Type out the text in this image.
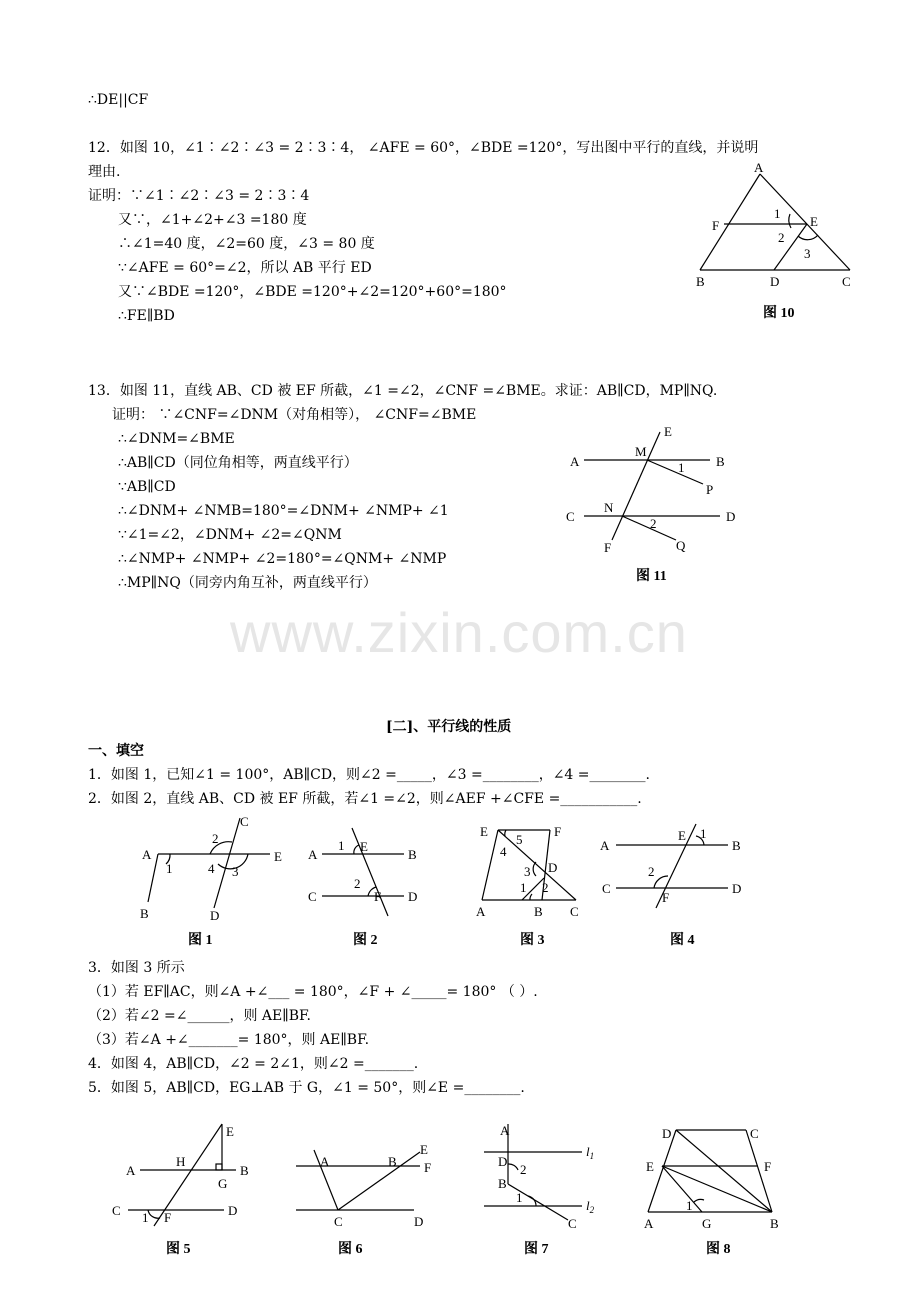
www.zixin.com.cn
∴DE||CF
12．如图 10，∠1∶∠2∶∠3 = 2∶3∶4， ∠AFE = 60°，∠BDE =120°，写出图中平行的直线，并说明
理由.
证明：∵∠1∶∠2∶∠3 = 2∶3∶4
又∵，∠1+∠2+∠3 =180 度
∴∠1=40 度，∠2=60 度，∠3 = 80 度
∵∠AFE = 60°=∠2，所以 AB 平行 ED
又∵∠BDE =120°，∠BDE =120°+∠2=120°+60°=180°
∴FE∥BD
A
F	E
B	D	C
1
2
3
图 10
13．如图 11，直线 AB、CD 被 EF 所截，∠1 =∠2，∠CNF =∠BME。求证：AB∥CD，MP∥NQ.
证明： ∵∠CNF=∠DNM（对角相等）， ∠CNF=∠BME
∴∠DNM=∠BME
∴AB∥CD（同位角相等，两直线平行）
∵AB∥CD
∴∠DNM+ ∠NMB=180°=∠DNM+ ∠NMP+ ∠1
∵∠1=∠2，∠DNM+ ∠2=∠QNM
∴∠NMP+ ∠NMP+ ∠2=180°=∠QNM+ ∠NMP
∴MP∥NQ（同旁内角互补，两直线平行）
E
A
M
1 B
P
C
N
2	D
F	Q
图 11
[二]、平行线的性质
一、填空
1．如图 1，已知∠1 = 100°，AB∥CD，则∠2 =_____，∠3 =________，∠4 =________.
2．如图 2，直线 AB、CD 被 EF 所截，若∠1 =∠2，则∠AEF +∠CFE =___________.
A	E
C
B	D
1
2
3
4
图 1
A	B
C	D
E
F
1
2
图 2
E	F
A	B C
D
1 2
3
4
5
图 3
A	B
C	D
E
F
1
2
图 4
3．如图 3 所示
（1）若 EF∥AC，则∠A +∠___ = 180°，∠F + ∠_____= 180° （ ）.
（2）若∠2 =∠______，则 AE∥BF.
（3）若∠A +∠_______= 180°，则 AE∥BF.
4．如图 4，AB∥CD，∠2 = 2∠1，则∠2 =_______.
5．如图 5，AB∥CD，EG⊥AB 于 G，∠1 = 50°，则∠E =________.
E
A
H
B
G
C	D
F
1
图 5
A	B
E
F
C	D
图 6
A
D
B
C
1
2
$l_1$
$l_2$
图 7
D	C
E	F
A	G	B
1
图 8
